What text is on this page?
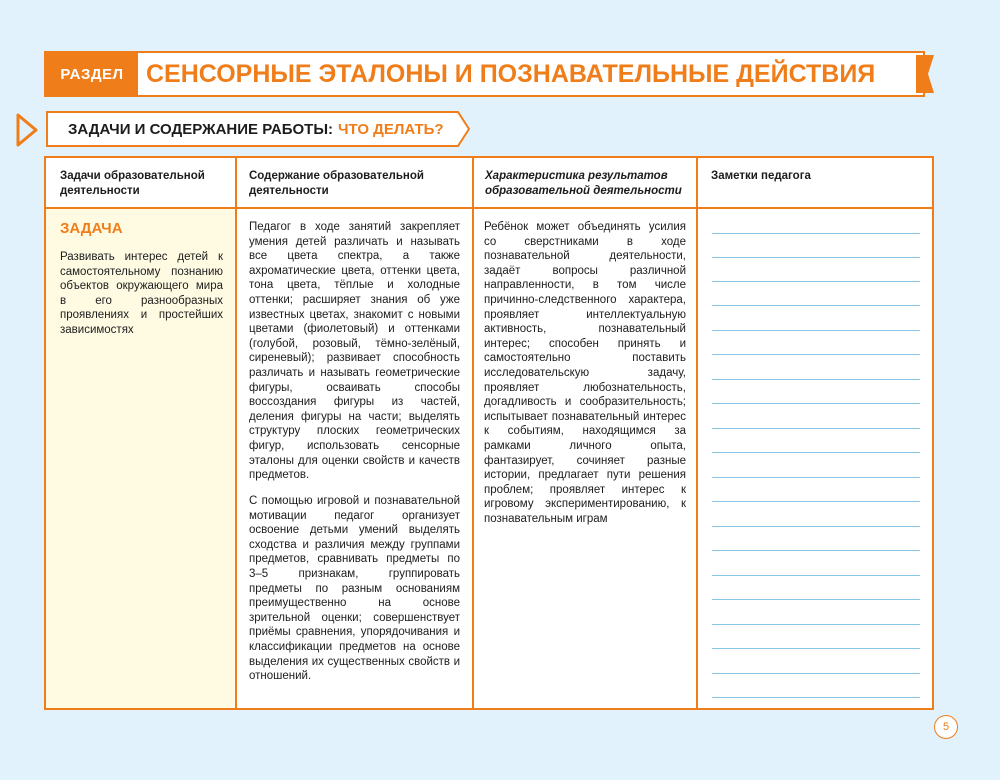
РАЗДЕЛ СЕНСОРНЫЕ ЭТАЛОНЫ И ПОЗНАВАТЕЛЬНЫЕ ДЕЙСТВИЯ
ЗАДАЧИ И СОДЕРЖАНИЕ РАБОТЫ: ЧТО ДЕЛАТЬ?
Задачи образовательной деятельности
Содержание образовательной деятельности
Характеристика результатов образовательной деятельности
Заметки педагога
ЗАДАЧА
Развивать интерес детей к самостоятельному познанию объектов окружающего мира в его разнообразных проявлениях и простейших зависимостях
Педагог в ходе занятий закрепляет умения детей различать и называть все цвета спектра, а также ахроматические цвета, оттенки цвета, тона цвета, тёплые и холодные оттенки; расширяет знания об уже известных цветах, знакомит с новыми цветами (фиолетовый) и оттенками (голубой, розовый, тёмно-зелёный, сиреневый); развивает способность различать и называть геометрические фигуры, осваивать способы воссоздания фигуры из частей, деления фигуры на части; выделять структуру плоских геометрических фигур, использовать сенсорные эталоны для оценки свойств и качеств предметов.
С помощью игровой и познавательной мотивации педагог организует освоение детьми умений выделять сходства и различия между группами предметов, сравнивать предметы по 3–5 признакам, группировать предметы по разным основаниям преимущественно на основе зрительной оценки; совершенствует приёмы сравнения, упорядочивания и классификации предметов на основе выделения их существенных свойств и отношений.
Ребёнок может объединять усилия со сверстниками в ходе познавательной деятельности, задаёт вопросы различной направленности, в том числе причинно-следственного характера, проявляет интеллектуальную активность, познавательный интерес; способен принять и самостоятельно поставить исследовательскую задачу, проявляет любознательность, догадливость и сообразительность; испытывает познавательный интерес к событиям, находящимся за рамками личного опыта, фантазирует, сочиняет разные истории, предлагает пути решения проблем; проявляет интерес к игровому экспериментированию, к познавательным играм
5
